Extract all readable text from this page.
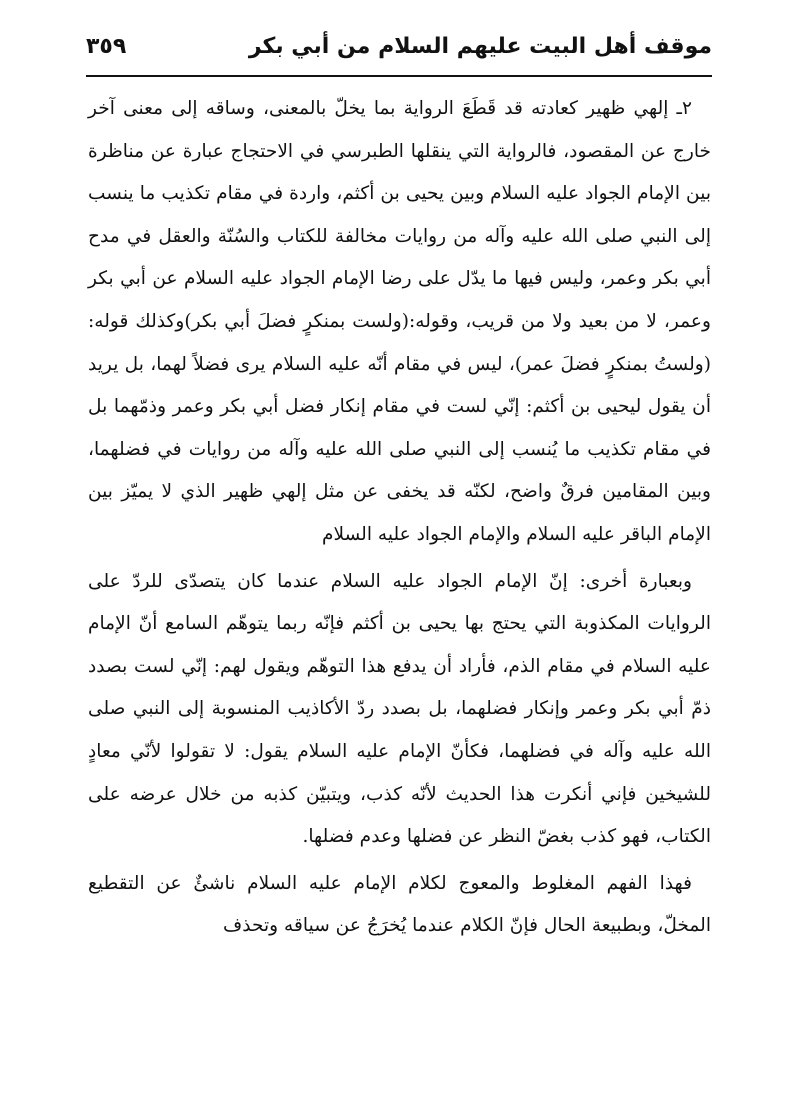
موقف أهل البيت عليهم السلام من أبي بكر
٣٥٩

٢ـ إلهي ظهير كعادته قد قَطَعَ الرواية بما يخلّ بالمعنى، وساقه إلى معنى آخر خارج عن المقصود، فالرواية التي ينقلها الطبرسي في الاحتجاج عبارة عن مناظرة بين الإمام الجواد عليه السلام وبين يحيى بن أكثم، واردة في مقام تكذيب ما ينسب إلى النبي صلى الله عليه وآله من روايات مخالفة للكتاب والسُنّة والعقل في مدح أبي بكر وعمر، وليس فيها ما يدّل على رضا الإمام الجواد عليه السلام عن أبي بكر وعمر، لا من بعيد ولا من قريب، وقوله:(ولست بمنكرٍ فضلَ أبي بكر)وكذلك قوله:(ولستُ بمنكرٍ فضلَ عمر)، ليس في مقام أنّه عليه السلام يرى فضلاً لهما، بل يريد أن يقول ليحيى بن أكثم: إنّي لست في مقام إنكار فضل أبي بكر وعمر وذمّهما بل في مقام تكذيب ما يُنسب إلى النبي صلى الله عليه وآله من روايات في فضلهما، وبين المقامين فرقٌ واضح، لكنّه قد يخفى عن مثل إلهي ظهير الذي لا يميّز بين الإمام الباقر عليه السلام والإمام الجواد عليه السلام

وبعبارة أخرى: إنّ الإمام الجواد عليه السلام عندما كان يتصدّى للردّ على الروايات المكذوبة التي يحتج بها يحيى بن أكثم فإنّه ربما يتوهّم السامع أنّ الإمام عليه السلام في مقام الذم، فأراد أن يدفع هذا التوهّم ويقول لهم: إنّي لست بصدد ذمّ أبي بكر وعمر وإنكار فضلهما، بل بصدد ردّ الأكاذيب المنسوبة إلى النبي صلى الله عليه وآله في فضلهما، فكأنّ الإمام عليه السلام يقول: لا تقولوا لأنّي معادٍ للشيخين فإني أنكرت هذا الحديث لأنّه كذب، ويتبيّن كذبه من خلال عرضه على الكتاب، فهو كذب بغضّ النظر عن فضلها وعدم فضلها.

فهذا الفهم المغلوط والمعوج لكلام الإمام عليه السلام ناشئٌ عن التقطيع المخلّ، وبطبيعة الحال فإنّ الكلام عندما يُخرَجُ عن سياقه وتحذف
